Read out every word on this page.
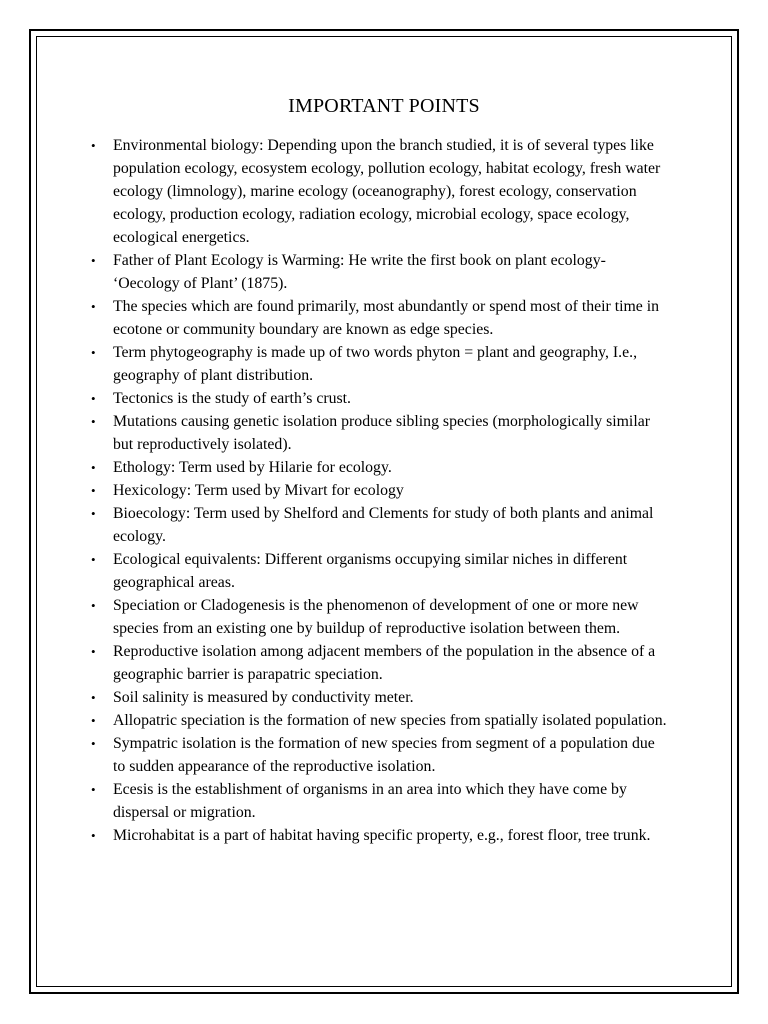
IMPORTANT POINTS
•	Environmental biology: Depending upon the branch studied, it is of several types like population ecology, ecosystem ecology, pollution ecology, habitat ecology, fresh water ecology (limnology), marine ecology (oceanography), forest ecology, conservation ecology, production ecology, radiation ecology, microbial ecology, space ecology, ecological energetics.
•	Father of Plant Ecology is Warming: He write the first book on plant ecology- ‘Oecology of Plant’ (1875).
•	The species which are found primarily, most abundantly or spend most of their time in ecotone or community boundary are known as edge species.
•	Term phytogeography is made up of two words phyton = plant and geography, I.e., geography of plant distribution.
•	Tectonics is the study of earth’s crust.
•	Mutations causing genetic isolation produce sibling species (morphologically similar but reproductively isolated).
•	Ethology: Term used by Hilarie for ecology.
•	Hexicology: Term used by Mivart for ecology
•	Bioecology: Term used by Shelford and Clements for study of both plants and animal ecology.
•	Ecological equivalents: Different organisms occupying similar niches in different geographical areas.
•	Speciation or Cladogenesis is the phenomenon of development of one or more new species from an existing one by buildup of reproductive isolation between them.
•	Reproductive isolation among adjacent members of the population in the absence of a geographic barrier is parapatric speciation.
•	Soil salinity is measured by conductivity meter.
•	Allopatric speciation is the formation of new species from spatially isolated population.
•	Sympatric isolation is the formation of new species from segment of a population due to sudden appearance of the reproductive isolation.
•	Ecesis is the establishment of organisms in an area into which they have come by dispersal or migration.
•	Microhabitat is a part of habitat having specific property, e.g., forest floor, tree trunk.
